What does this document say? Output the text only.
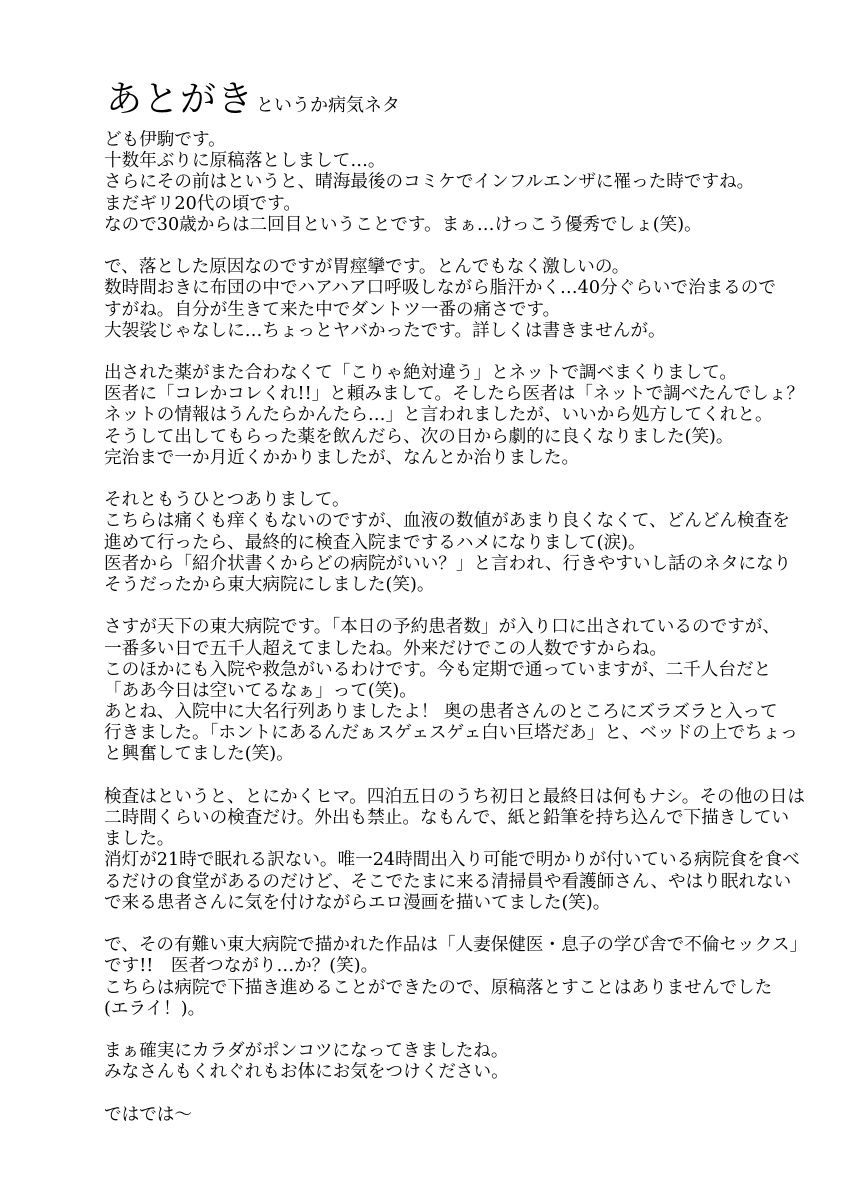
あとがき というか病気ネタ
ども伊駒です。
十数年ぶりに原稿落としまして…。
さらにその前はというと、晴海最後のコミケでインフルエンザに罹った時ですね。
まだギリ20代の頃です。
なので30歳からは二回目ということです。まぁ…けっこう優秀でしょ(笑)。
で、落とした原因なのですが胃痙攣です。とんでもなく激しいの。
数時間おきに布団の中でハアハア口呼吸しながら脂汗かく…40分ぐらいで治まるので
すがね。自分が生きて来た中でダントツ一番の痛さです。
大袈裟じゃなしに…ちょっとヤバかったです。詳しくは書きませんが。
出された薬がまた合わなくて「こりゃ絶対違う」とネットで調べまくりまして。
医者に「コレかコレくれ!!」と頼みまして。そしたら医者は「ネットで調べたんでしょ？
ネットの情報はうんたらかんたら…」と言われましたが、いいから処方してくれと。
そうして出してもらった薬を飲んだら、次の日から劇的に良くなりました(笑)。
完治まで一か月近くかかりましたが、なんとか治りました。
それともうひとつありまして。
こちらは痛くも痒くもないのですが、血液の数値があまり良くなくて、どんどん検査を
進めて行ったら、最終的に検査入院までするハメになりまして(涙)。
医者から「紹介状書くからどの病院がいい？」と言われ、行きやすいし話のネタになり
そうだったから東大病院にしました(笑)。
さすが天下の東大病院です。「本日の予約患者数」が入り口に出されているのですが、
一番多い日で五千人超えてましたね。外来だけでこの人数ですからね。
このほかにも入院や救急がいるわけです。今も定期で通っていますが、二千人台だと
「ああ今日は空いてるなぁ」って(笑)。
あとね、入院中に大名行列ありましたよ！ 奥の患者さんのところにズラズラと入って
行きました。「ホントにあるんだぁスゲェスゲェ白い巨塔だあ」と、ベッドの上でちょっ
と興奮してました(笑)。
検査はというと、とにかくヒマ。四泊五日のうち初日と最終日は何もナシ。その他の日は
二時間くらいの検査だけ。外出も禁止。なもんで、紙と鉛筆を持ち込んで下描きしてい
ました。
消灯が21時で眠れる訳ない。唯一24時間出入り可能で明かりが付いている病院食を食べ
るだけの食堂があるのだけど、そこでたまに来る清掃員や看護師さん、やはり眠れない
で来る患者さんに気を付けながらエロ漫画を描いてました(笑)。
で、その有難い東大病院で描かれた作品は「人妻保健医・息子の学び舎で不倫セックス」
です!!　医者つながり…か？(笑)。
こちらは病院で下描き進めることができたので、原稿落とすことはありませんでした
(エライ！)。
まぁ確実にカラダがポンコツになってきましたね。
みなさんもくれぐれもお体にお気をつけください。
ではでは～
